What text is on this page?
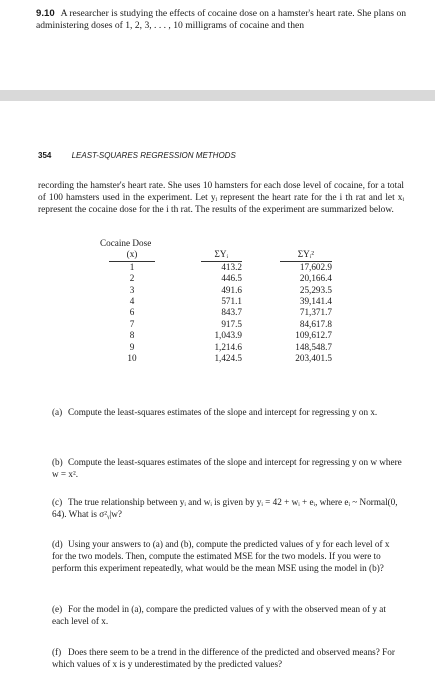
9.10 A researcher is studying the effects of cocaine dose on a hamster's heart rate. She plans on administering doses of 1, 2, 3, . . . , 10 milligrams of cocaine and then
354	LEAST-SQUARES REGRESSION METHODS
recording the hamster's heart rate. She uses 10 hamsters for each dose level of cocaine, for a total of 100 hamsters used in the experiment. Let yᵢ represent the heart rate for the i th rat and let xᵢ represent the cocaine dose for the i th rat. The results of the experiment are summarized below.
Cocaine Dose		

(x)	ΣYᵢ	ΣYᵢ²
1	413.2	17,602.9
2	446.5	20,166.4
3	491.6	25,293.5
4	571.1	39,141.4
6	843.7	71,371.7
7	917.5	84,617.8
8	1,043.9	109,612.7
9	1,214.6	148,548.7
10	1,424.5	203,401.5
(a) Compute the least-squares estimates of the slope and intercept for regressing y on x.
(b) Compute the least-squares estimates of the slope and intercept for regressing y on w where w = x².
(c) The true relationship between yᵢ and wᵢ is given by yᵢ = 42 + wᵢ + eᵢ, where eᵢ ~ Normal(0, 64). What is σ²ᵧ|w?
(d) Using your answers to (a) and (b), compute the predicted values of y for each level of x for the two models. Then, compute the estimated MSE for the two models. If you were to perform this experiment repeatedly, what would be the mean MSE using the model in (b)?
(e) For the model in (a), compare the predicted values of y with the observed mean of y at each level of x.
(f) Does there seem to be a trend in the difference of the predicted and observed means? For which values of x is y underestimated by the predicted values?
